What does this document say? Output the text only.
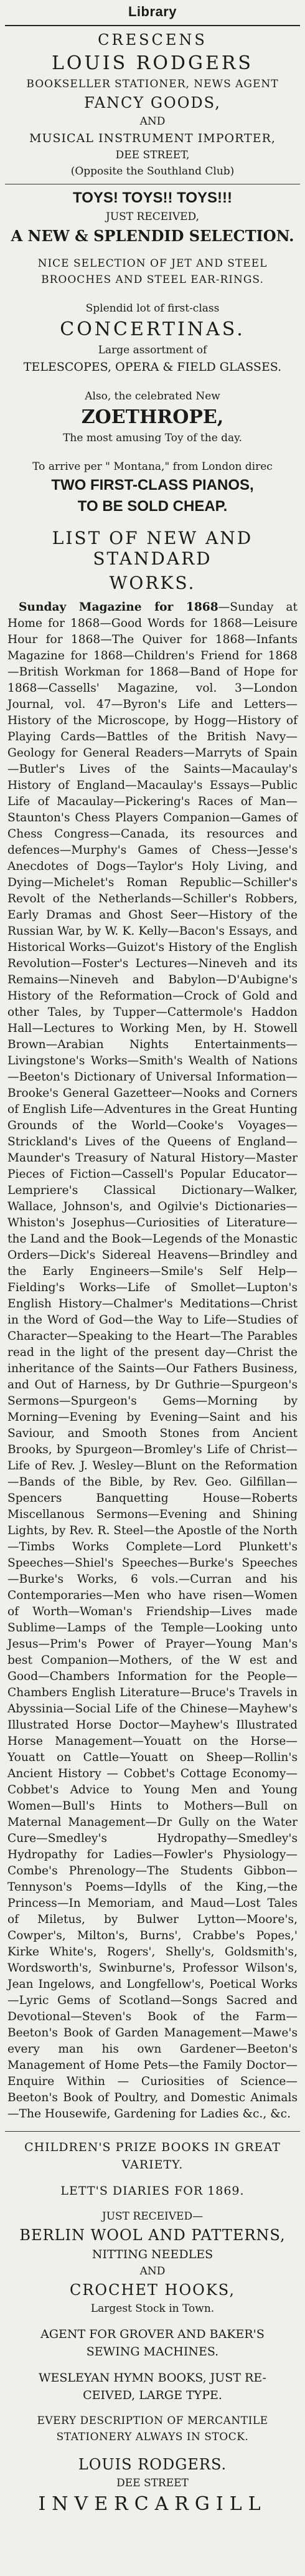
Library

CRESCENS

LOUIS RODGERS

BOOKSELLER STATIONER, NEWS AGENT

FANCY GOODS,

AND

MUSICAL INSTRUMENT IMPORTER,

DEE STREET,

(Opposite the Southland Club)

TOYS! TOYS!! TOYS!!!

JUST RECEIVED,

A NEW & SPLENDID SELECTION.

NICE SELECTION OF JET AND STEEL

BROOCHES AND STEEL EAR-RINGS.

Splendid lot of first-class

CONCERTINAS.

Large assortment of

TELESCOPES, OPERA & FIELD GLASSES.

Also, the celebrated New

ZOETHROPE,

The most amusing Toy of the day.

To arrive per " Montana," from London direc

TWO FIRST-CLASS PIANOS,

TO BE SOLD CHEAP.

LIST OF NEW AND STANDARD

WORKS.

Sunday Magazine for 1868—Sunday at Home for 1868—Good Words for 1868—Leisure Hour for 1868—The Quiver for 1868—Infants Magazine for 1868—Children's Friend for 1868—British Workman for 1868—Band of Hope for 1868—Cassells' Magazine, vol. 3—London Journal, vol. 47—Byron's Life and Letters—History of the Microscope, by Hogg—History of Playing Cards—Battles of the British Navy—Geology for General Readers—Marryts of Spain—Butler's Lives of the Saints—Macaulay's History of England—Macaulay's Essays—Public Life of Macaulay—Pickering's Races of Man—Staunton's Chess Players Companion—Games of Chess Congress—Canada, its resources and defences—Murphy's Games of Chess—Jesse's Anecdotes of Dogs—Taylor's Holy Living, and Dying—Michelet's Roman Republic—Schiller's Revolt of the Netherlands—Schiller's Robbers, Early Dramas and Ghost Seer—History of the Russian War, by W. K. Kelly—Bacon's Essays, and Historical Works—Guizot's History of the English Revolution—Foster's Lectures—Nineveh and its Remains—Nineveh and Babylon—D'Aubigne's History of the Reformation—Crock of Gold and other Tales, by Tupper—Cattermole's Haddon Hall—Lectures to Working Men, by H. Stowell Brown—Arabian Nights Entertainments—Livingstone's Works—Smith's Wealth of Nations—Beeton's Dictionary of Universal Information—Brooke's General Gazetteer—Nooks and Corners of English Life—Adventures in the Great Hunting Grounds of the World—Cooke's Voyages—Strickland's Lives of the Queens of England—Maunder's Treasury of Natural History—Master Pieces of Fiction—Cassell's Popular Educator—Lempriere's Classical Dictionary—Walker, Wallace, Johnson's, and Ogilvie's Dictionaries—Whiston's Josephus—Curiosities of Literature—the Land and the Book—Legends of the Monastic Orders—Dick's Sidereal Heavens—Brindley and the Early Engineers—Smile's Self Help—Fielding's Works—Life of Smollet—Lupton's English History—Chalmer's Meditations—Christ in the Word of God—the Way to Life—Studies of Character—Speaking to the Heart—The Parables read in the light of the present day—Christ the inheritance of the Saints—Our Fathers Business, and Out of Harness, by Dr Guthrie—Spurgeon's Sermons—Spurgeon's Gems—Morning by Morning—Evening by Evening—Saint and his Saviour, and Smooth Stones from Ancient Brooks, by Spurgeon—Bromley's Life of Christ—Life of Rev. J. Wesley—Blunt on the Reformation—Bands of the Bible, by Rev. Geo. Gilfillan—Spencers Banquetting House—Roberts Miscellanous Sermons—Evening and Shining Lights, by Rev. R. Steel—the Apostle of the North—Timbs Works Complete—Lord Plunkett's Speeches—Shiel's Speeches—Burke's Speeches—Burke's Works, 6 vols.—Curran and his Contemporaries—Men who have risen—Women of Worth—Woman's Friendship—Lives made Sublime—Lamps of the Temple—Looking unto Jesus—Prim's Power of Prayer—Young Man's best Companion—Mothers, of the W est and Good—Chambers Information for the People—Chambers English Literature—Bruce's Travels in Abyssinia—Social Life of the Chinese—Mayhew's Illustrated Horse Doctor—Mayhew's Illustrated Horse Management—Youatt on the Horse—Youatt on Cattle—Youatt on Sheep—Rollin's Ancient History — Cobbet's Cottage Economy—Cobbet's Advice to Young Men and Young Women—Bull's Hints to Mothers—Bull on Maternal Management—Dr Gully on the Water Cure—Smedley's Hydropathy—Smedley's Hydropathy for Ladies—Fowler's Physiology—Combe's Phrenology—The Students Gibbon—Tennyson's Poems—Idylls of the King,—the Princess—In Memoriam, and Maud—Lost Tales of Miletus, by Bulwer Lytton—Moore's, Cowper's, Milton's, Burns', Crabbe's Popes,' Kirke White's, Rogers', Shelly's, Goldsmith's, Wordsworth's, Swinburne's, Professor Wilson's, Jean Ingelows, and Longfellow's, Poetical Works—Lyric Gems of Scotland—Songs Sacred and Devotional—Steven's Book of the Farm—Beeton's Book of Garden Management—Mawe's every man his own Gardener—Beeton's Management of Home Pets—the Family Doctor—Enquire Within — Curiosities of Science—Beeton's Book of Poultry, and Domestic Animals—The Housewife, Gardening for Ladies &c., &c.

CHILDREN'S PRIZE BOOKS IN GREAT

VARIETY.

LETT'S DIARIES FOR 1869.

JUST RECEIVED—

BERLIN WOOL AND PATTERNS,

NITTING NEEDLES

AND

CROCHET HOOKS,

Largest Stock in Town.

AGENT FOR GROVER AND BAKER'S

SEWING MACHINES.

WESLEYAN HYMN BOOKS, JUST RE-

CEIVED, LARGE TYPE.

EVERY DESCRIPTION OF MERCANTILE

STATIONERY ALWAYS IN STOCK.

LOUIS RODGERS.

DEE STREET

INVERCARGILL
